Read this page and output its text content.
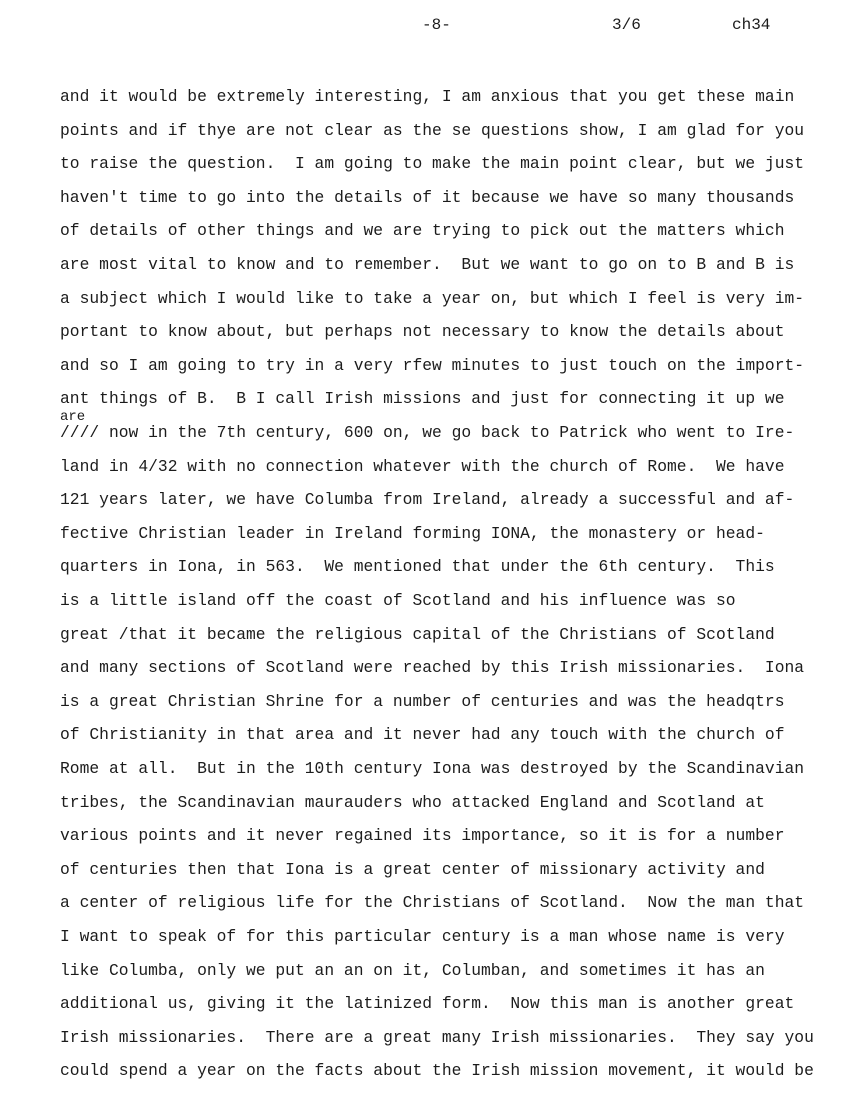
-8-	3/6	ch34
and it would be extremely interesting, I am anxious that you get these main
points and if thye are not clear as the se questions show, I am glad for you
to raise the question.  I am going to make the main point clear, but we just
haven't time to go into the details of it because we have so many thousands
of details of other things and we are trying to pick out the matters which
are most vital to know and to remember.  But we want to go on to B and B is
a subject which I would like to take a year on, but which I feel is very im-
portant to know about, but perhaps not necessary to know the details about
and so I am going to try in a very rfew minutes to just touch on the import-
ant things of B.  B I call Irish missions and just for connecting it up we
are
//// now in the 7th century, 600 on, we go back to Patrick who went to Ire-
land in 4/32 with no connection whatever with the church of Rome.  We have
121 years later, we have Columba from Ireland, already a successful and af-
fective Christian leader in Ireland forming IONA, the monastery or head-
quarters in Iona, in 563.  We mentioned that under the 6th century.  This
is a little island off the coast of Scotland and his influence was so
great /that it became the religious capital of the Christians of Scotland
and many sections of Scotland were reached by this Irish missionaries.  Iona
is a great Christian Shrine for a number of centuries and was the headqtrs
of Christianity in that area and it never had any touch with the church of
Rome at all.  But in the 10th century Iona was destroyed by the Scandinavian
tribes, the Scandinavian maurauders who attacked England and Scotland at
various points and it never regained its importance, so it is for a number
of centuries then that Iona is a great center of missionary activity and
a center of religious life for the Christians of Scotland.  Now the man that
I want to speak of for this particular century is a man whose name is very
like Columba, only we put an an on it, Columban, and sometimes it has an
additional us, giving it the latinized form.  Now this man is another great
Irish missionaries.  There are a great many Irish missionaries.  They say you
could spend a year on the facts about the Irish mission movement, it would be
